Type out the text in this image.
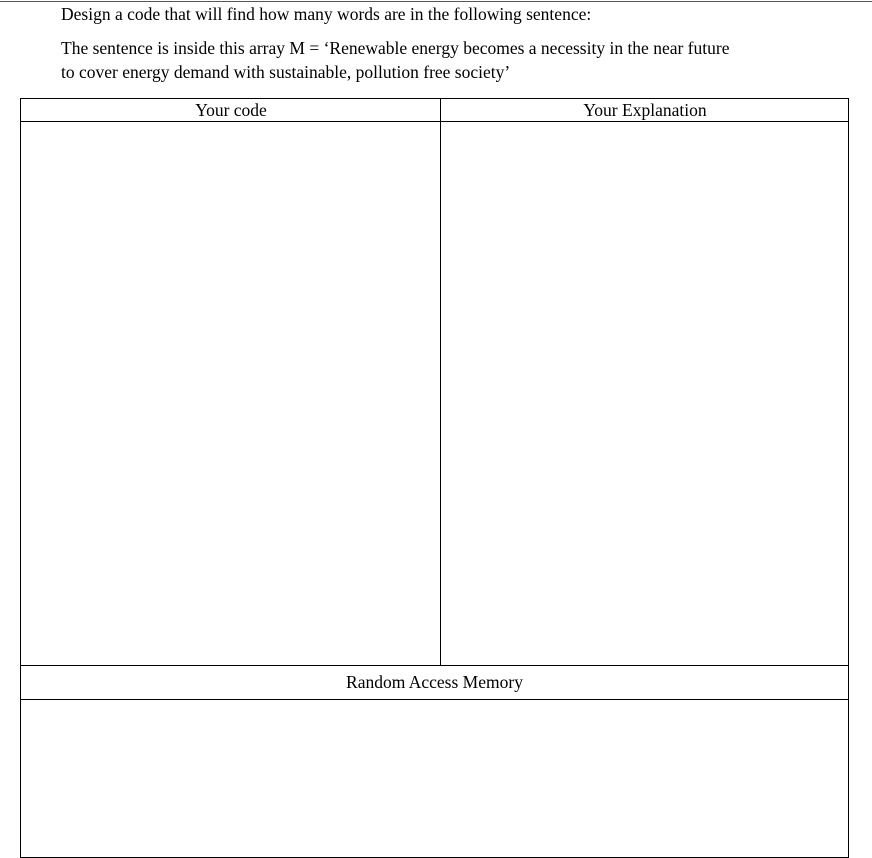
Design a code that will find how many words are in the following sentence:
The sentence is inside this array M = ‘Renewable energy becomes a necessity in the near future
to cover energy demand with sustainable, pollution free society’
Your code	Your Explanation
Random Access Memory
